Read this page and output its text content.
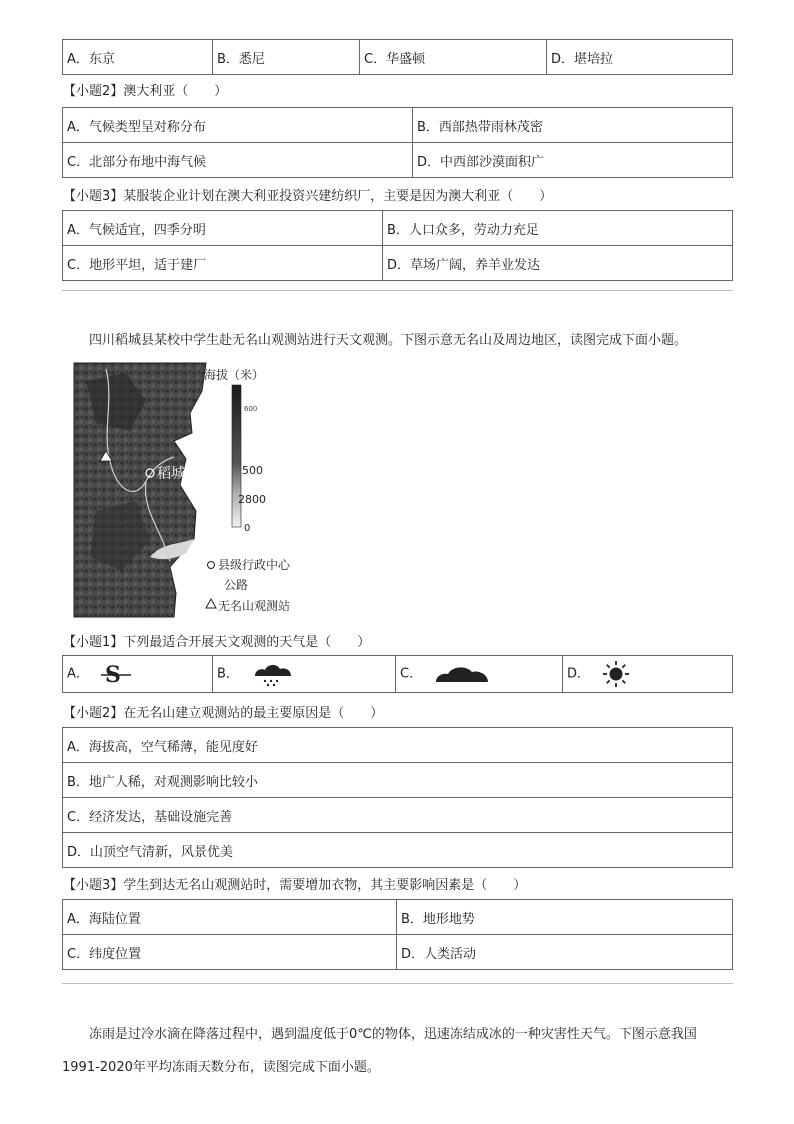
A．东京	B．悉尼	C．华盛顿	D．堪培拉
【小题2】澳大利亚（　　）
A．气候类型呈对称分布	B．西部热带雨林茂密
C．北部分布地中海气候	D．中西部沙漠面积广
【小题3】某服装企业计划在澳大利亚投资兴建纺织厂，主要是因为澳大利亚（　　）
A．气候适宜，四季分明	B．人口众多，劳动力充足
C．地形平坦，适于建厂	D．草场广阔，养羊业发达
四川稻城县某校中学生赴无名山观测站进行天文观测。下图示意无名山及周边地区，读图完成下面小题。
稻城
海拔（米）
600
500
2800
0
县级行政中心
公路
无名山观测站
【小题1】下列最适合开展天文观测的天气是（　　）
A． S	B．	C．	D．
【小题2】在无名山建立观测站的最主要原因是（　　）
A．海拔高，空气稀薄，能见度好
B．地广人稀，对观测影响比较小
C．经济发达，基础设施完善
D．山顶空气清新，风景优美
【小题3】学生到达无名山观测站时，需要增加衣物，其主要影响因素是（　　）
A．海陆位置	B．地形地势
C．纬度位置	D．人类活动
冻雨是过冷水滴在降落过程中，遇到温度低于0℃的物体，迅速冻结成冰的一种灾害性天气。下图示意我国1991-2020年平均冻雨天数分布，读图完成下面小题。
